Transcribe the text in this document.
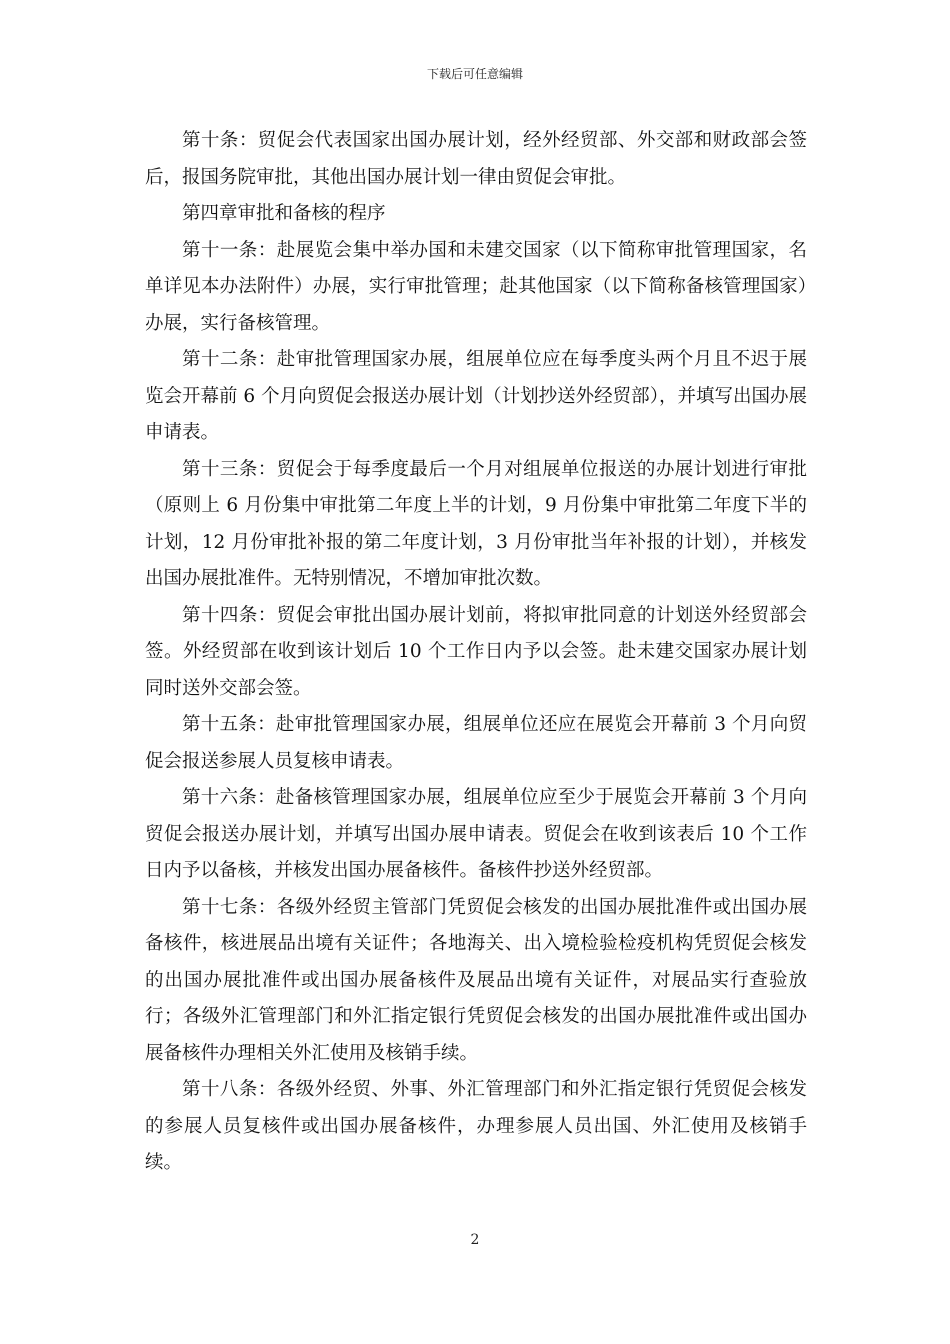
下载后可任意编辑

第十条：贸促会代表国家出国办展计划，经外经贸部、外交部和财政部会签后，报国务院审批，其他出国办展计划一律由贸促会审批。

第四章审批和备核的程序

第十一条：赴展览会集中举办国和未建交国家（以下简称审批管理国家，名单详见本办法附件）办展，实行审批管理；赴其他国家（以下简称备核管理国家）办展，实行备核管理。

第十二条：赴审批管理国家办展，组展单位应在每季度头两个月且不迟于展览会开幕前 6 个月向贸促会报送办展计划（计划抄送外经贸部），并填写出国办展申请表。

第十三条：贸促会于每季度最后一个月对组展单位报送的办展计划进行审批（原则上 6 月份集中审批第二年度上半的计划，9 月份集中审批第二年度下半的计划，12 月份审批补报的第二年度计划，3 月份审批当年补报的计划），并核发出国办展批准件。无特别情况，不增加审批次数。

第十四条：贸促会审批出国办展计划前，将拟审批同意的计划送外经贸部会签。外经贸部在收到该计划后 10 个工作日内予以会签。赴未建交国家办展计划同时送外交部会签。

第十五条：赴审批管理国家办展，组展单位还应在展览会开幕前 3 个月向贸促会报送参展人员复核申请表。

第十六条：赴备核管理国家办展，组展单位应至少于展览会开幕前 3 个月向贸促会报送办展计划，并填写出国办展申请表。贸促会在收到该表后 10 个工作日内予以备核，并核发出国办展备核件。备核件抄送外经贸部。

第十七条：各级外经贸主管部门凭贸促会核发的出国办展批准件或出国办展备核件，核进展品出境有关证件；各地海关、出入境检验检疫机构凭贸促会核发的出国办展批准件或出国办展备核件及展品出境有关证件，对展品实行查验放行；各级外汇管理部门和外汇指定银行凭贸促会核发的出国办展批准件或出国办展备核件办理相关外汇使用及核销手续。

第十八条：各级外经贸、外事、外汇管理部门和外汇指定银行凭贸促会核发的参展人员复核件或出国办展备核件，办理参展人员出国、外汇使用及核销手续。

2
